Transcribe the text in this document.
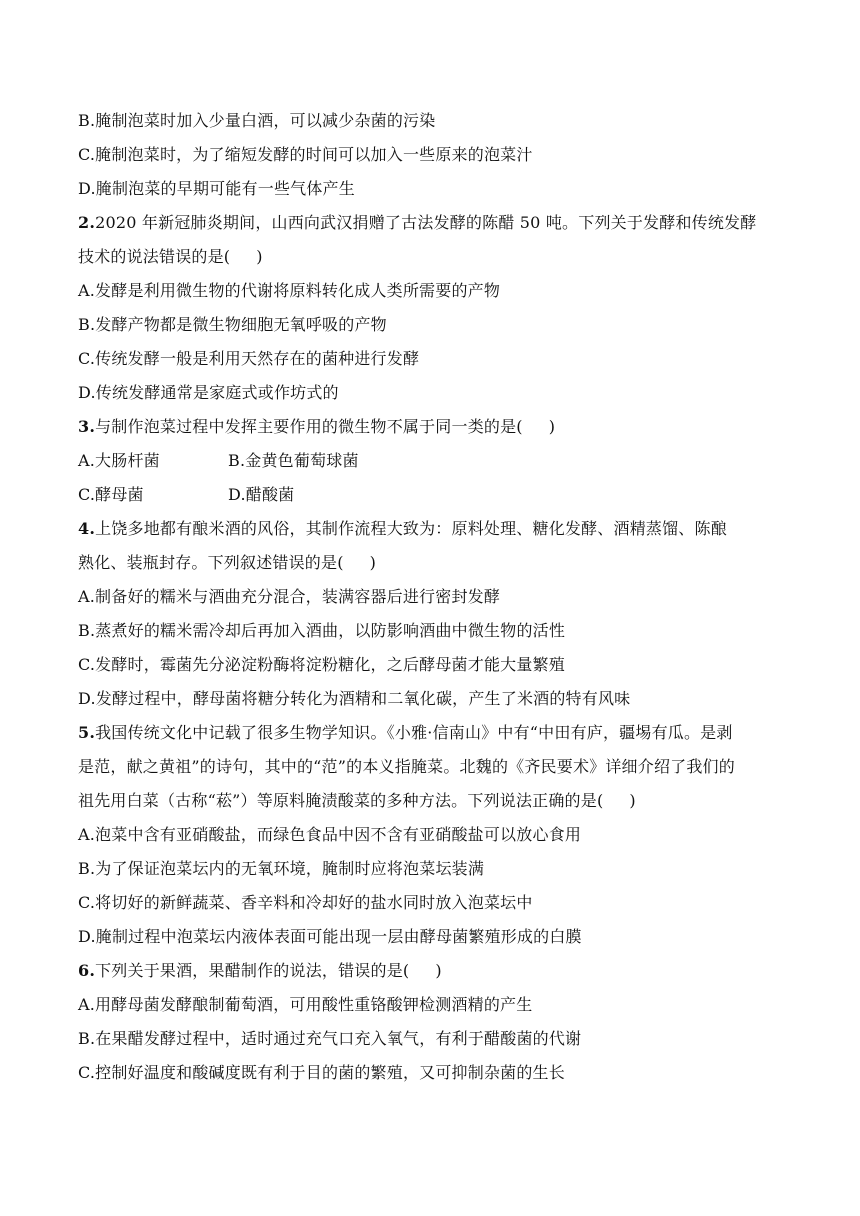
B.腌制泡菜时加入少量白酒，可以减少杂菌的污染
C.腌制泡菜时，为了缩短发酵的时间可以加入一些原来的泡菜汁
D.腌制泡菜的早期可能有一些气体产生
2.2020 年新冠肺炎期间，山西向武汉捐赠了古法发酵的陈醋 50 吨。下列关于发酵和传统发酵
技术的说法错误的是( )
A.发酵是利用微生物的代谢将原料转化成人类所需要的产物
B.发酵产物都是微生物细胞无氧呼吸的产物
C.传统发酵一般是利用天然存在的菌种进行发酵
D.传统发酵通常是家庭式或作坊式的
3.与制作泡菜过程中发挥主要作用的微生物不属于同一类的是( )
A.大肠杆菌	B.金黄色葡萄球菌
C.酵母菌	D.醋酸菌
4.上饶多地都有酿米酒的风俗，其制作流程大致为：原料处理、糖化发酵、酒精蒸馏、陈酿
熟化、装瓶封存。下列叙述错误的是( )
A.制备好的糯米与酒曲充分混合，装满容器后进行密封发酵
B.蒸煮好的糯米需冷却后再加入酒曲，以防影响酒曲中微生物的活性
C.发酵时，霉菌先分泌淀粉酶将淀粉糖化，之后酵母菌才能大量繁殖
D.发酵过程中，酵母菌将糖分转化为酒精和二氧化碳，产生了米酒的特有风味
5.我国传统文化中记载了很多生物学知识。《小雅·信南山》中有“中田有庐，疆埸有瓜。是剥
是范，献之黄祖”的诗句，其中的“范”的本义指腌菜。北魏的《齐民要术》详细介绍了我们的
祖先用白菜（古称“菘”）等原料腌渍酸菜的多种方法。下列说法正确的是( )
A.泡菜中含有亚硝酸盐，而绿色食品中因不含有亚硝酸盐可以放心食用
B.为了保证泡菜坛内的无氧环境，腌制时应将泡菜坛装满
C.将切好的新鲜蔬菜、香辛料和冷却好的盐水同时放入泡菜坛中
D.腌制过程中泡菜坛内液体表面可能出现一层由酵母菌繁殖形成的白膜
6.下列关于果酒，果醋制作的说法，错误的是( )
A.用酵母菌发酵酿制葡萄酒，可用酸性重铬酸钾检测酒精的产生
B.在果醋发酵过程中，适时通过充气口充入氧气，有利于醋酸菌的代谢
C.控制好温度和酸碱度既有利于目的菌的繁殖，又可抑制杂菌的生长
